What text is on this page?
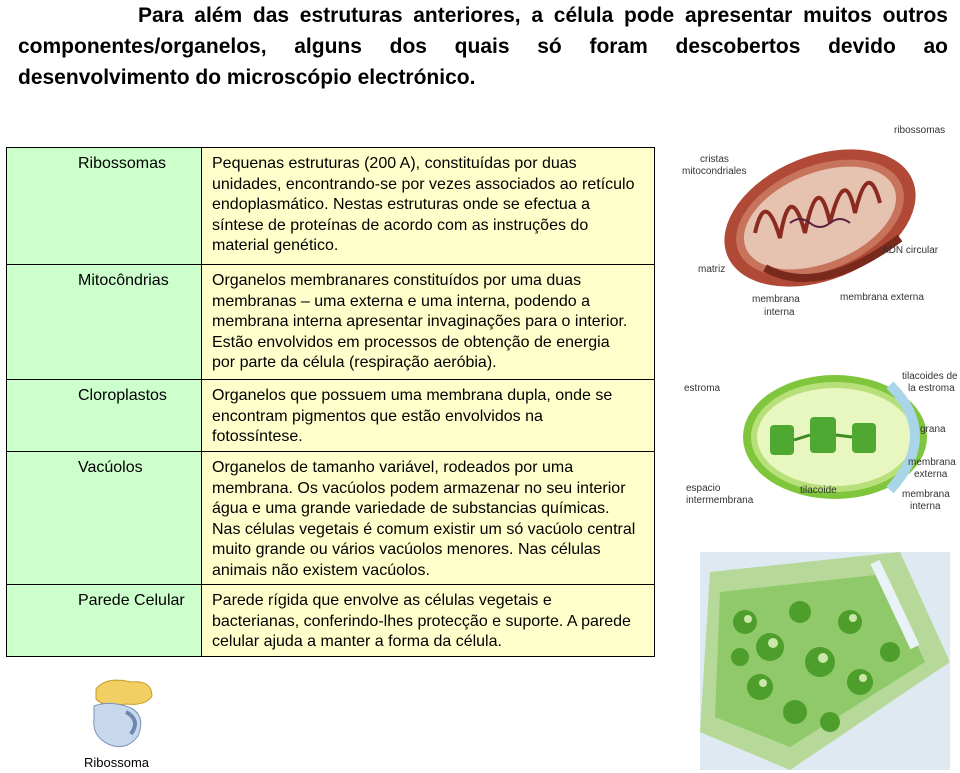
Para além das estruturas anteriores, a célula pode apresentar muitos outros componentes/organelos, alguns dos quais só foram descobertos devido ao desenvolvimento do microscópio electrónico.

Ribossomas	Pequenas estruturas (200 A), constituídas por duas unidades, encontrando-se por vezes associados ao retículo endoplasmático. Nestas estruturas onde se efectua a síntese de proteínas de acordo com as instruções do material genético.
Mitocôndrias	Organelos membranares constituídos por uma duas membranas – uma externa e uma interna, podendo a membrana interna apresentar invaginações para o interior. Estão envolvidos em processos de obtenção de energia por parte da célula (respiração aeróbia).
Cloroplastos	Organelos que possuem uma membrana dupla, onde se encontram pigmentos que estão envolvidos na fotossíntese.
Vacúolos	Organelos de tamanho variável, rodeados por uma membrana. Os vacúolos podem armazenar no seu interior água e uma grande variedade de substancias químicas. Nas células vegetais é comum existir um só vacúolo central muito grande ou vários vacúolos menores. Nas células animais não existem vacúolos.
Parede Celular	Parede rígida que envolve as células vegetais e bacterianas, conferindo-lhes protecção e suporte. A parede celular ajuda a manter a forma da célula.
ribossomas
cristas
mitocondriales
ADN circular
matriz
membrana
interna
membrana externa
estroma
tilacoides de
la estroma
grana
membrana
externa
espacio
intermembrana
tilacoide	membrana
interna
Ribossoma
